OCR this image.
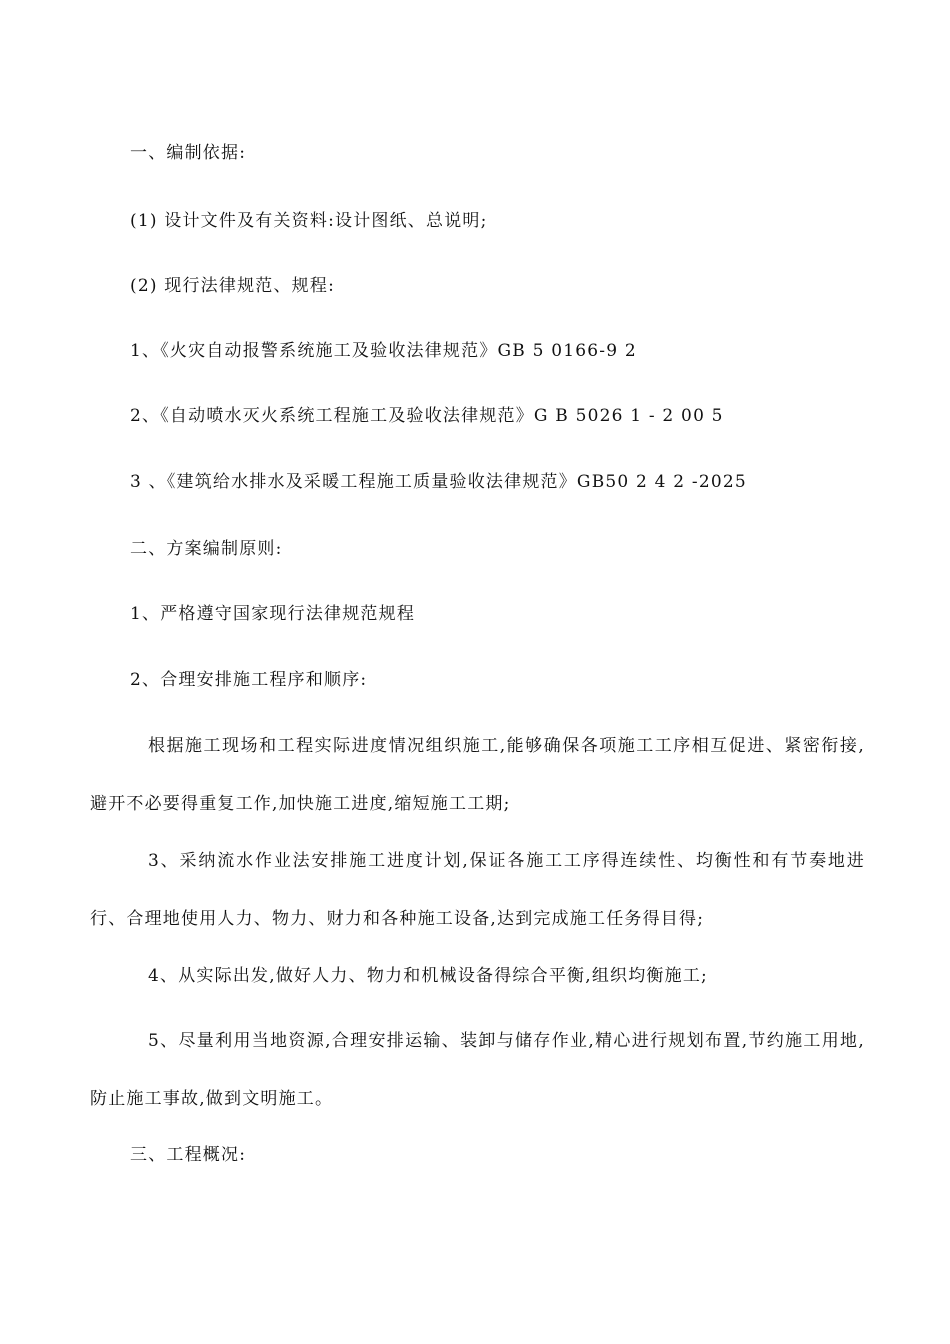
一、编制依据:
(1) 设计文件及有关资料:设计图纸、总说明;
(2) 现行法律规范、规程:
1、《火灾自动报警系统施工及验收法律规范》GB 5 0166-9 2
2、《自动喷水灭火系统工程施工及验收法律规范》G B 5026 1 - 2 00 5
3 、《建筑给水排水及采暖工程施工质量验收法律规范》GB50 2 4 2 -2025
二、方案编制原则:
1、严格遵守国家现行法律规范规程
2、合理安排施工程序和顺序:
根据施工现场和工程实际进度情况组织施工,能够确保各项施工工序相互促进、紧密衔接,避开不必要得重复工作,加快施工进度,缩短施工工期;
3、采纳流水作业法安排施工进度计划,保证各施工工序得连续性、均衡性和有节奏地进行、合理地使用人力、物力、财力和各种施工设备,达到完成施工任务得目得;
4、从实际出发,做好人力、物力和机械设备得综合平衡,组织均衡施工;
5、尽量利用当地资源,合理安排运输、装卸与储存作业,精心进行规划布置,节约施工用地,防止施工事故,做到文明施工。
三、工程概况:
